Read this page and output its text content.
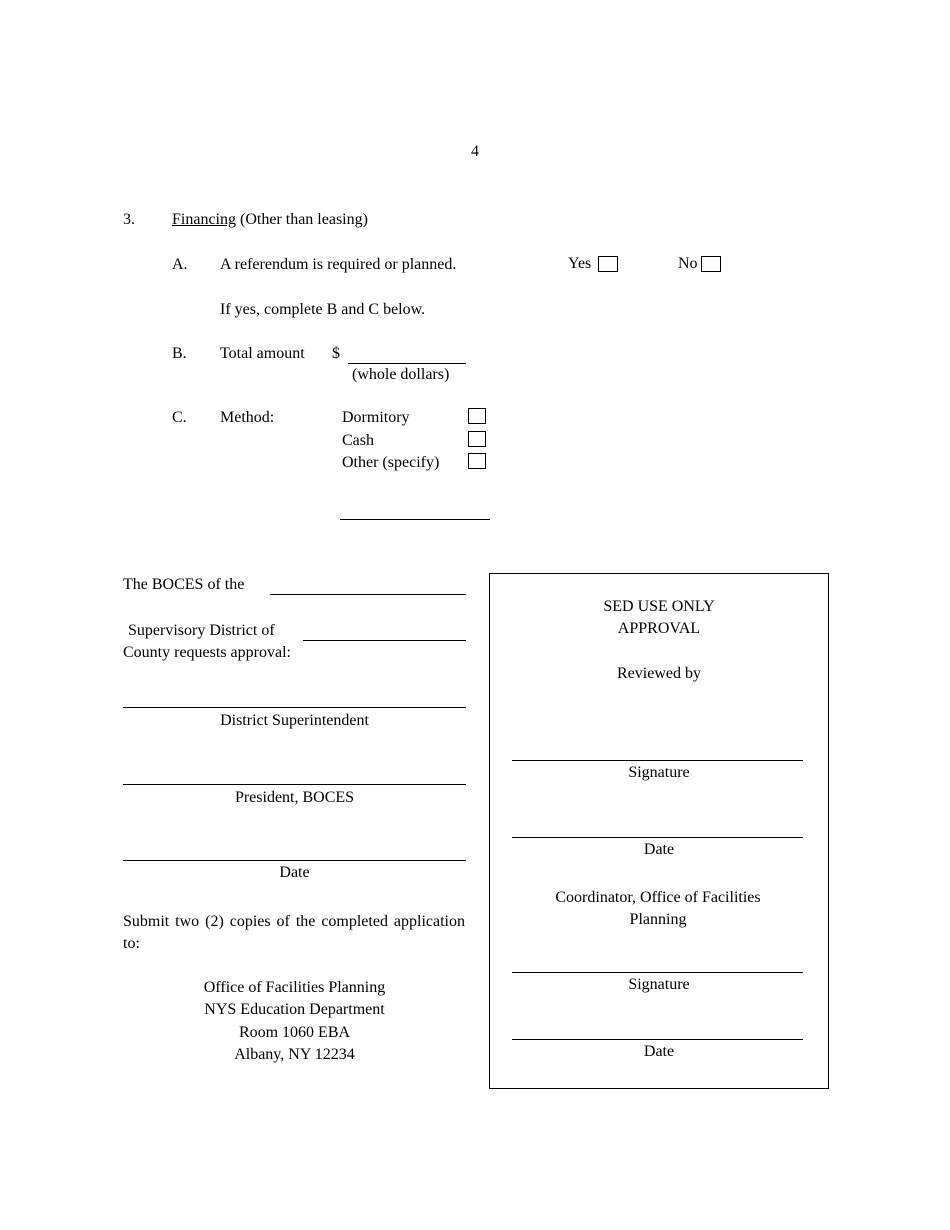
4
3. Financing (Other than leasing)
A. A referendum is required or planned.	Yes	No
If yes, complete B and C below.
B. Total amount $
(whole dollars)
C. Method:	Dormitory
Cash
Other (specify)
The BOCES of the
Supervisory District of
County requests approval:
District Superintendent
President, BOCES
Date
Submit two (2) copies of the completed application to:
Office of Facilities Planning
NYS Education Department
Room 1060 EBA
Albany, NY 12234
SED USE ONLY
APPROVAL
Reviewed by
Signature
Date
Coordinator, Office of Facilities Planning
Signature
Date
